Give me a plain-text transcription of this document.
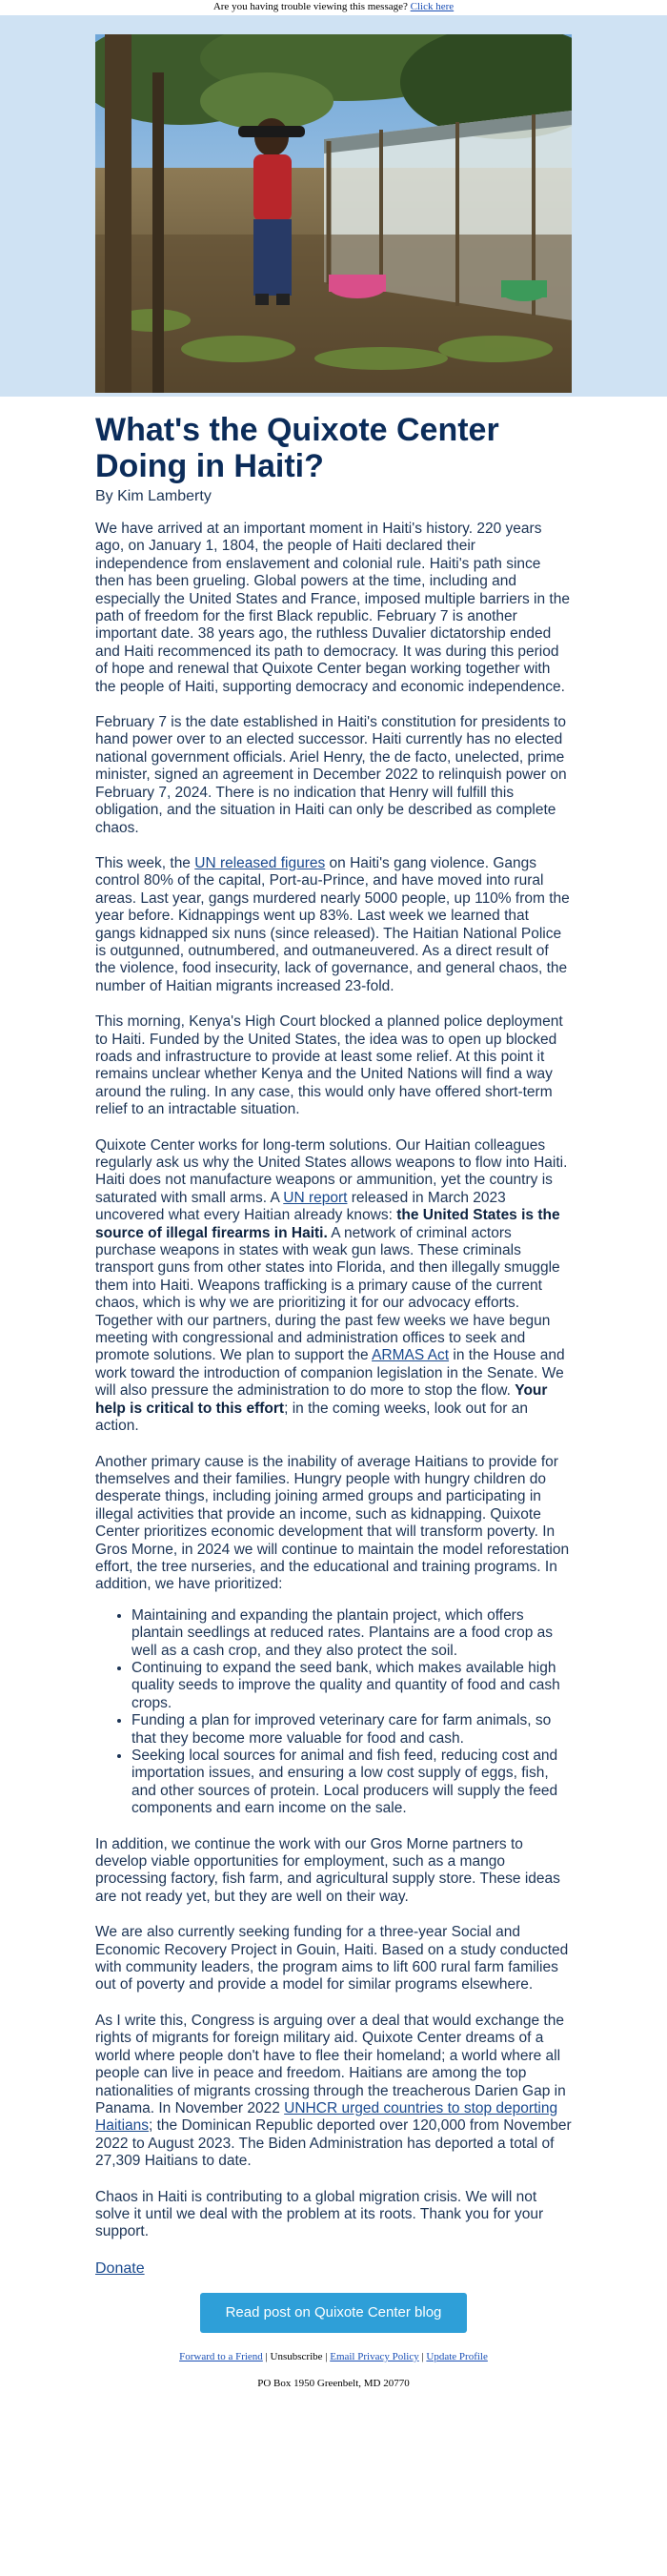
Are you having trouble viewing this message? Click here
What's the Quixote Center Doing in Haiti?
By Kim Lamberty

We have arrived at an important moment in Haiti's history. 220 years ago, on January 1, 1804, the people of Haiti declared their independence from enslavement and colonial rule. Haiti's path since then has been grueling. Global powers at the time, including and especially the United States and France, imposed multiple barriers in the path of freedom for the first Black republic. February 7 is another important date. 38 years ago, the ruthless Duvalier dictatorship ended and Haiti recommenced its path to democracy. It was during this period of hope and renewal that Quixote Center began working together with the people of Haiti, supporting democracy and economic independence.

February 7 is the date established in Haiti's constitution for presidents to hand power over to an elected successor. Haiti currently has no elected national government officials. Ariel Henry, the de facto, unelected, prime minister, signed an agreement in December 2022 to relinquish power on February 7, 2024. There is no indication that Henry will fulfill this obligation, and the situation in Haiti can only be described as complete chaos.

This week, the UN released figures on Haiti's gang violence. Gangs control 80% of the capital, Port-au-Prince, and have moved into rural areas. Last year, gangs murdered nearly 5000 people, up 110% from the year before. Kidnappings went up 83%. Last week we learned that gangs kidnapped six nuns (since released). The Haitian National Police is outgunned, outnumbered, and outmaneuvered. As a direct result of the violence, food insecurity, lack of governance, and general chaos, the number of Haitian migrants increased 23-fold.

This morning, Kenya's High Court blocked a planned police deployment to Haiti. Funded by the United States, the idea was to open up blocked roads and infrastructure to provide at least some relief. At this point it remains unclear whether Kenya and the United Nations will find a way around the ruling. In any case, this would only have offered short-term relief to an intractable situation.

Quixote Center works for long-term solutions. Our Haitian colleagues regularly ask us why the United States allows weapons to flow into Haiti. Haiti does not manufacture weapons or ammunition, yet the country is saturated with small arms. A UN report released in March 2023 uncovered what every Haitian already knows: the United States is the source of illegal firearms in Haiti. A network of criminal actors purchase weapons in states with weak gun laws. These criminals transport guns from other states into Florida, and then illegally smuggle them into Haiti. Weapons trafficking is a primary cause of the current chaos, which is why we are prioritizing it for our advocacy efforts. Together with our partners, during the past few weeks we have begun meeting with congressional and administration offices to seek and promote solutions. We plan to support the ARMAS Act in the House and work toward the introduction of companion legislation in the Senate. We will also pressure the administration to do more to stop the flow. Your help is critical to this effort; in the coming weeks, look out for an action.

Another primary cause is the inability of average Haitians to provide for themselves and their families. Hungry people with hungry children do desperate things, including joining armed groups and participating in illegal activities that provide an income, such as kidnapping. Quixote Center prioritizes economic development that will transform poverty. In Gros Morne, in 2024 we will continue to maintain the model reforestation effort, the tree nurseries, and the educational and training programs. In addition, we have prioritized:

• Maintaining and expanding the plantain project, which offers plantain seedlings at reduced rates. Plantains are a food crop as well as a cash crop, and they also protect the soil.
• Continuing to expand the seed bank, which makes available high quality seeds to improve the quality and quantity of food and cash crops.
• Funding a plan for improved veterinary care for farm animals, so that they become more valuable for food and cash.
• Seeking local sources for animal and fish feed, reducing cost and importation issues, and ensuring a low cost supply of eggs, fish, and other sources of protein. Local producers will supply the feed components and earn income on the sale.

In addition, we continue the work with our Gros Morne partners to develop viable opportunities for employment, such as a mango processing factory, fish farm, and agricultural supply store. These ideas are not ready yet, but they are well on their way.

We are also currently seeking funding for a three-year Social and Economic Recovery Project in Gouin, Haiti. Based on a study conducted with community leaders, the program aims to lift 600 rural farm families out of poverty and provide a model for similar programs elsewhere.

As I write this, Congress is arguing over a deal that would exchange the rights of migrants for foreign military aid. Quixote Center dreams of a world where people don't have to flee their homeland; a world where all people can live in peace and freedom. Haitians are among the top nationalities of migrants crossing through the treacherous Darien Gap in Panama. In November 2022 UNHCR urged countries to stop deporting Haitians; the Dominican Republic deported over 120,000 from November 2022 to August 2023. The Biden Administration has deported a total of 27,309 Haitians to date.

Chaos in Haiti is contributing to a global migration crisis. We will not solve it until we deal with the problem at its roots. Thank you for your support.

Donate
Read post on Quixote Center blog
Forward to a Friend | Unsubscribe | Email Privacy Policy | Update Profile
PO Box 1950 Greenbelt, MD 20770
